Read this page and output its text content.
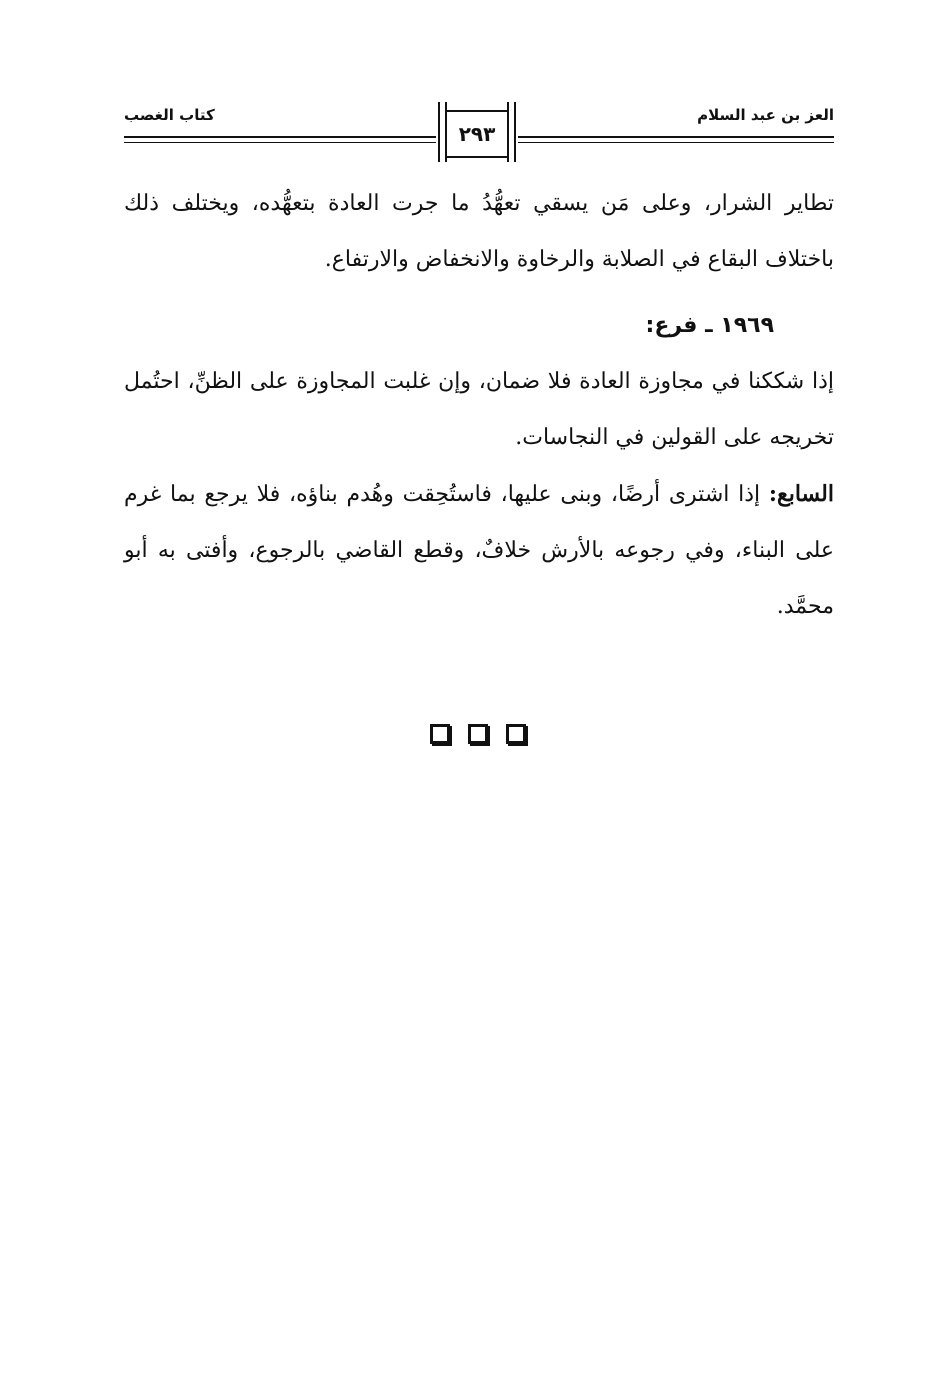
العز بن عبد السلام
كتاب الغصب
٢٩٣

تطاير الشرار، وعلى مَن يسقي تعهُّدُ ما جرت العادة بتعهُّده، ويختلف ذلك باختلاف البقاع في الصلابة والرخاوة والانخفاض والارتفاع.

١٩٦٩ ـ فرع:

إذا شككنا في مجاوزة العادة فلا ضمان، وإن غلبت المجاوزة على الظنِّ، احتُمل تخريجه على القولين في النجاسات.

السابع: إذا اشترى أرضًا، وبنى عليها، فاستُحِقت وهُدم بناؤه، فلا يرجع بما غرم على البناء، وفي رجوعه بالأرش خلافٌ، وقطع القاضي بالرجوع، وأفتى به أبو محمَّد.
